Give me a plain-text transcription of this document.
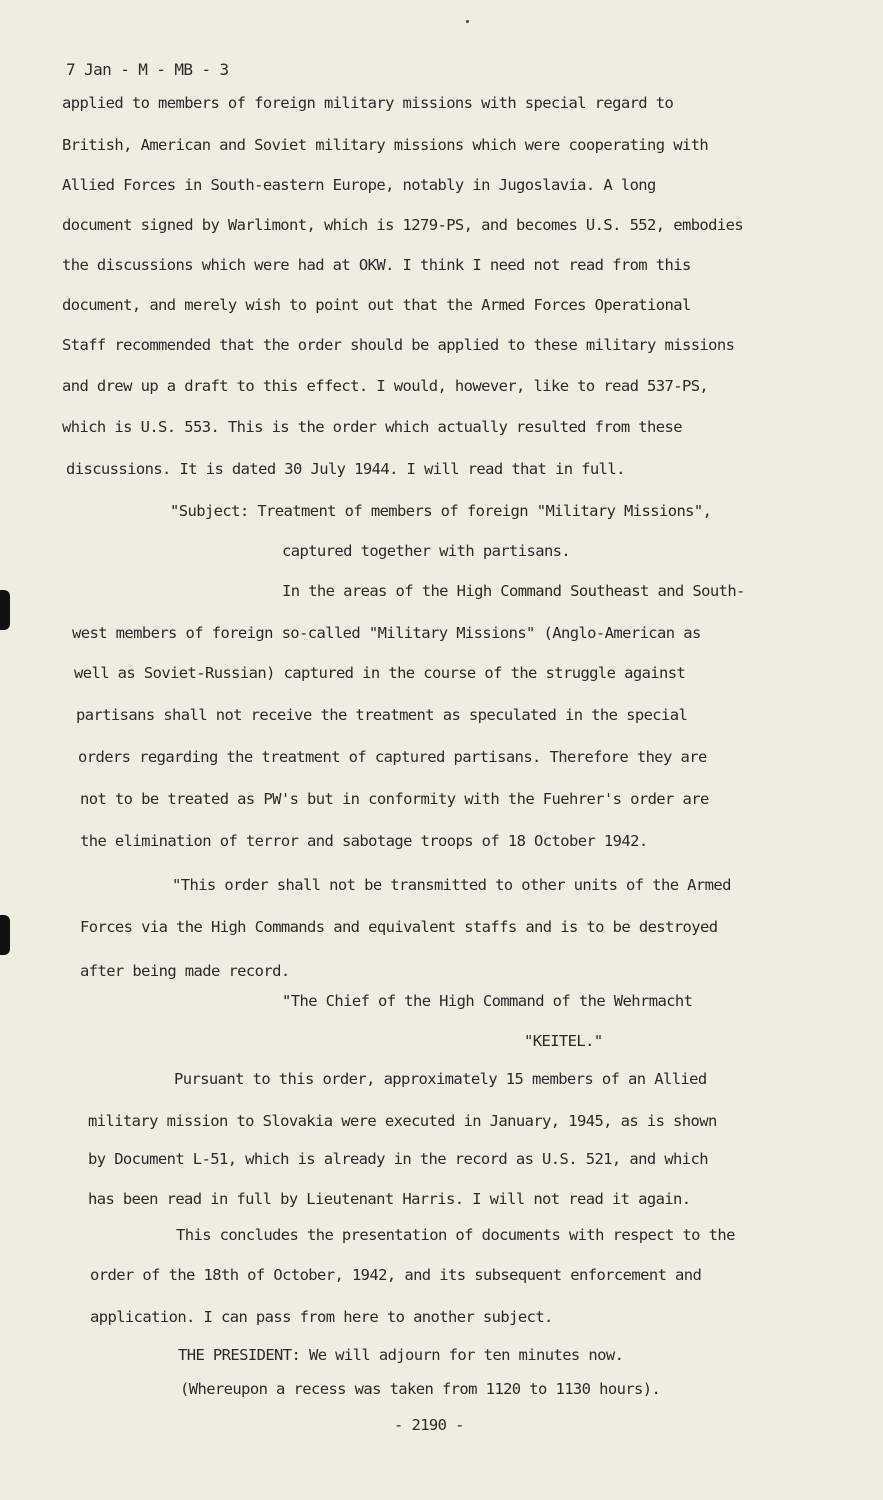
7 Jan - M - MB - 3
applied to members of foreign military missions with special regard to
British, American and Soviet military missions which were cooperating with
Allied Forces in South-eastern Europe, notably in Jugoslavia. A long
document signed by Warlimont, which is 1279-PS, and becomes U.S. 552, embodies
the discussions which were had at OKW. I think I need not read from this
document, and merely wish to point out that the Armed Forces Operational
Staff recommended that the order should be applied to these military missions
and drew up a draft to this effect. I would, however, like to read 537-PS,
which is U.S. 553. This is the order which actually resulted from these
discussions. It is dated 30 July 1944. I will read that in full.
"Subject: Treatment of members of foreign "Military Missions",
captured together with partisans.
In the areas of the High Command Southeast and South-
west members of foreign so-called "Military Missions" (Anglo-American as
well as Soviet-Russian) captured in the course of the struggle against
partisans shall not receive the treatment as speculated in the special
orders regarding the treatment of captured partisans. Therefore they are
not to be treated as PW's but in conformity with the Fuehrer's order are
the elimination of terror and sabotage troops of 18 October 1942.
"This order shall not be transmitted to other units of the Armed
Forces via the High Commands and equivalent staffs and is to be destroyed
after being made record.
"The Chief of the High Command of the Wehrmacht
"KEITEL."
Pursuant to this order, approximately 15 members of an Allied
military mission to Slovakia were executed in January, 1945, as is shown
by Document L-51, which is already in the record as U.S. 521, and which
has been read in full by Lieutenant Harris. I will not read it again.
This concludes the presentation of documents with respect to the
order of the 18th of October, 1942, and its subsequent enforcement and
application. I can pass from here to another subject.
THE PRESIDENT: We will adjourn for ten minutes now.
(Whereupon a recess was taken from 1120 to 1130 hours).
- 2190 -
